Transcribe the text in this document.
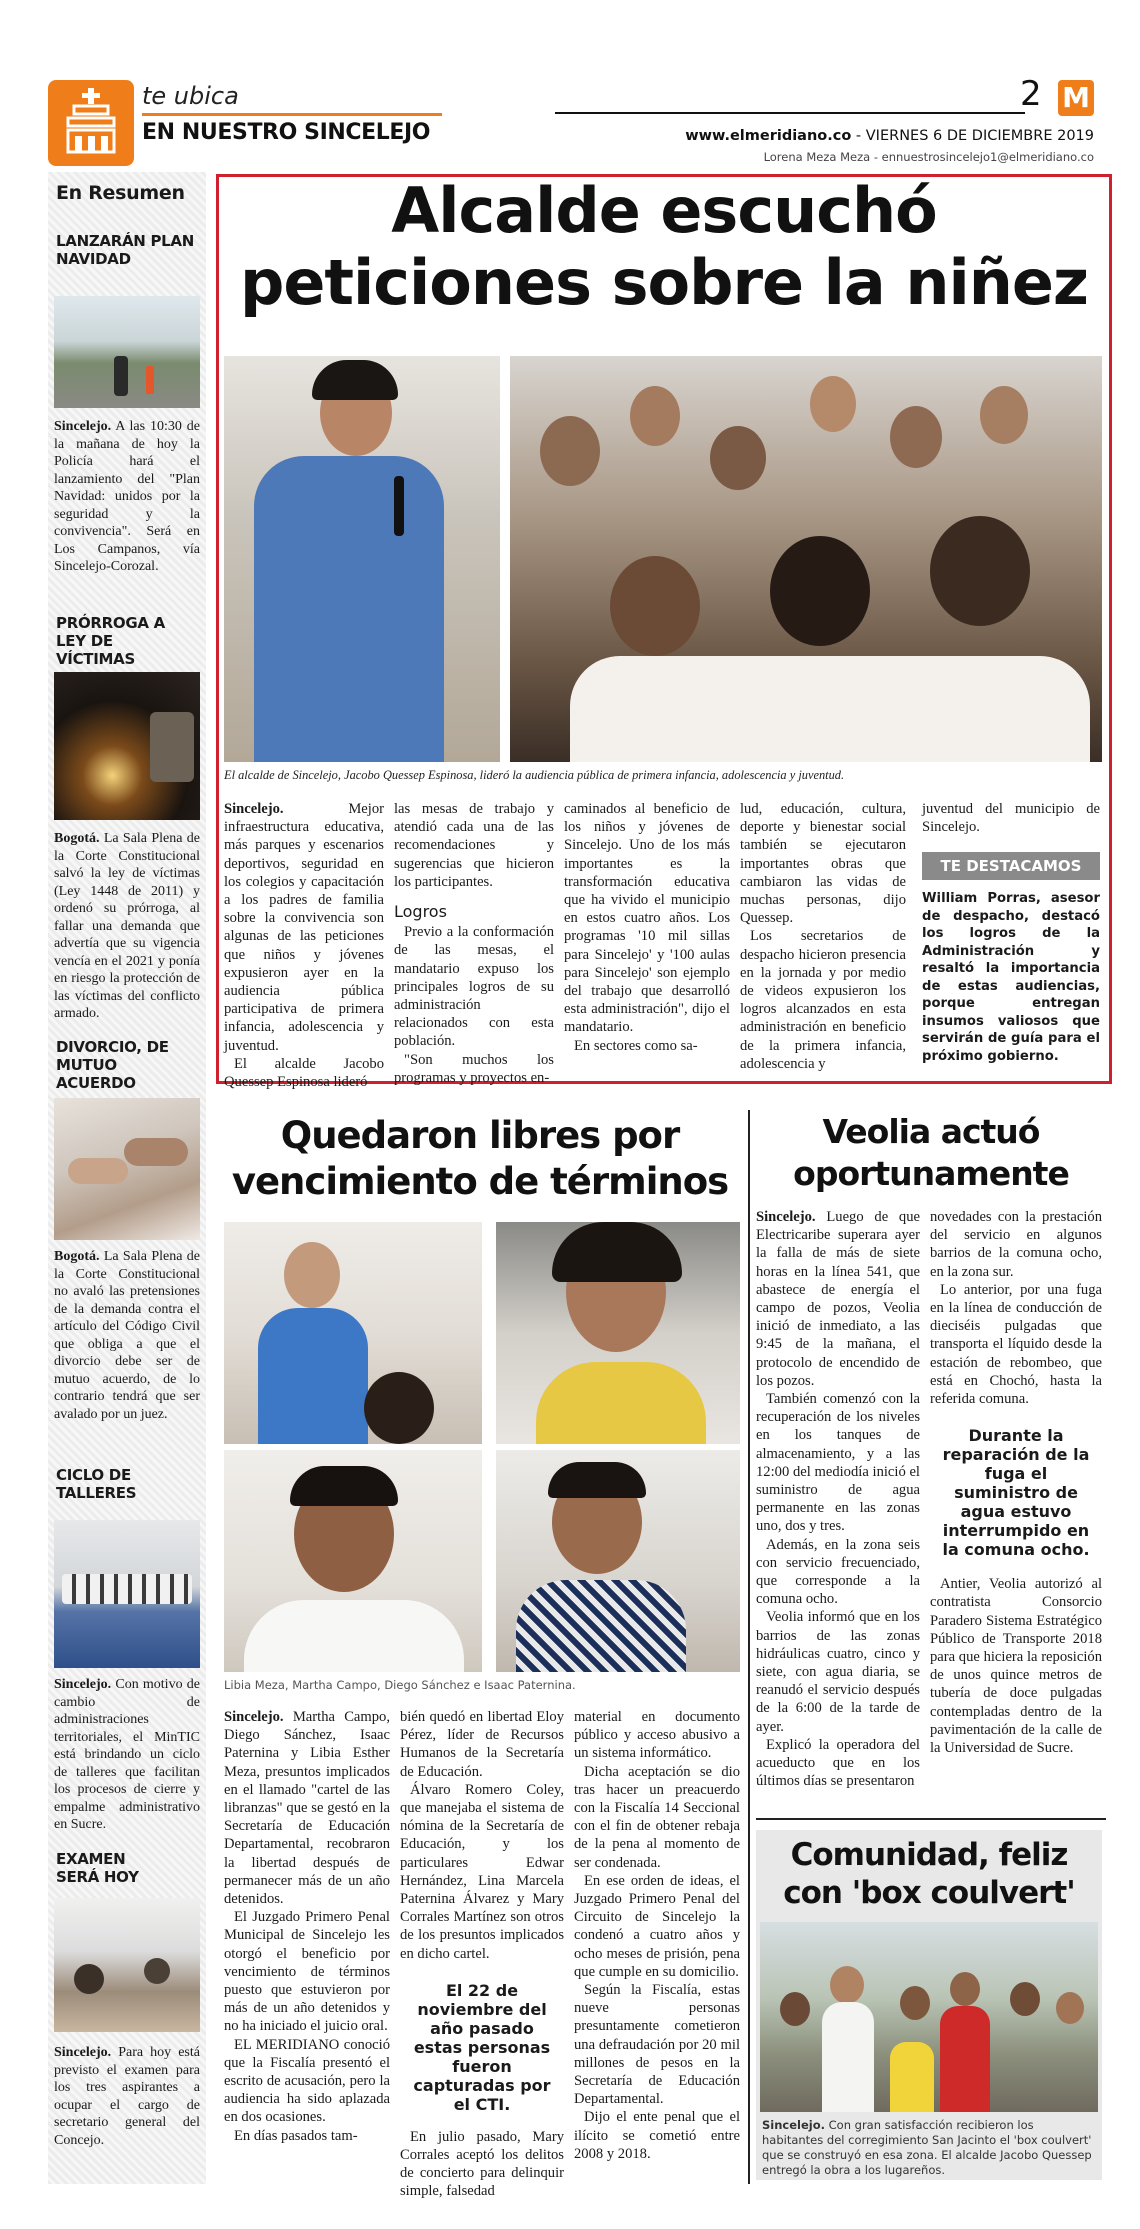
te ubica
EN NUESTRO SINCELEJO
2 M
www.elmeridiano.co - VIERNES 6 DE DICIEMBRE 2019
Lorena Meza Meza - ennuestrosincelejo1@elmeridiano.co
En Resumen
LANZARÁN PLAN NAVIDAD
Sincelejo. A las 10:30 de la mañana de hoy la Policía hará el lanzamiento del "Plan Navidad: unidos por la seguridad y la convivencia". Será en Los Campanos, vía Sincelejo-Corozal.
PRÓRROGA A LEY DE VÍCTIMAS
Bogotá. La Sala Plena de la Corte Constitucional salvó la ley de víctimas (Ley 1448 de 2011) y ordenó su prórroga, al fallar una demanda que advertía que su vigencia vencía en el 2021 y ponía en riesgo la protección de las víctimas del conflicto armado.
DIVORCIO, DE MUTUO ACUERDO
Bogotá. La Sala Plena de la Corte Constitucional no avaló las pretensiones de la demanda contra el artículo del Código Civil que obliga a que el divorcio debe ser de mutuo acuerdo, de lo contrario tendrá que ser avalado por un juez.
CICLO DE TALLERES
Sincelejo. Con motivo de cambio de administraciones territoriales, el MinTIC está brindando un ciclo de talleres que facilitan los procesos de cierre y empalme administrativo en Sucre.
EXAMEN SERÁ HOY
Sincelejo. Para hoy está previsto el examen para los tres aspirantes a ocupar el cargo de secretario general del Concejo.
Alcalde escuchó
peticiones sobre la niñez
El alcalde de Sincelejo, Jacobo Quessep Espinosa, lideró la audiencia pública de primera infancia, adolescencia y juventud.

Sincelejo. Mejor infraestructura educativa, más parques y escenarios deportivos, seguridad en los colegios y capacitación a los padres de familia sobre la convivencia son algunas de las peticiones que niños y jóvenes expusieron ayer en la audiencia pública participativa de primera infancia, adolescencia y juventud.

El alcalde Jacobo Quessep Espinosa lideró

las mesas de trabajo y atendió cada una de las recomendaciones y sugerencias que hicieron los participantes.

Logros

Previo a la conformación de las mesas, el mandatario expuso los principales logros de su administración relacionados con esta población.

"Son muchos los programas y proyectos en-

caminados al beneficio de los niños y jóvenes de Sincelejo. Uno de los más importantes es la transformación educativa que ha vivido el municipio en estos cuatro años. Los programas '10 mil sillas para Sincelejo' y '100 aulas para Sincelejo' son ejemplo del trabajo que desarrolló esta administración", dijo el mandatario.

En sectores como sa-

lud, educación, cultura, deporte y bienestar social también se ejecutaron importantes obras que cambiaron las vidas de muchas personas, dijo Quessep.

Los secretarios de despacho hicieron presencia en la jornada y por medio de videos expusieron los logros alcanzados en esta administración en beneficio de la primera infancia, adolescencia y

juventud del municipio de Sincelejo.

TE DESTACAMOS
William Porras, asesor de despacho, destacó los logros de la Administración y resaltó la importancia de estas audiencias, porque entregan insumos valiosos que servirán de guía para el próximo gobierno.
Quedaron libres por
vencimiento de términos
Libia Meza, Martha Campo, Diego Sánchez e Isaac Paternina.

Sincelejo. Martha Campo, Diego Sánchez, Isaac Paternina y Libia Esther Meza, presuntos implicados en el llamado "cartel de las libranzas" que se gestó en la Secretaría de Educación Departamental, recobraron la libertad después de permanecer más de un año detenidos.

El Juzgado Primero Penal Municipal de Sincelejo les otorgó el beneficio por vencimiento de términos puesto que estuvieron por más de un año detenidos y no ha iniciado el juicio oral.

EL MERIDIANO conoció que la Fiscalía presentó el escrito de acusación, pero la audiencia ha sido aplazada en dos ocasiones.

En días pasados tam-

bién quedó en libertad Eloy Pérez, líder de Recursos Humanos de la Secretaría de Educación.

Álvaro Romero Coley, que manejaba el sistema de nómina de la Secretaría de Educación, y los particulares Edwar Hernández, Lina Marcela Paternina Álvarez y Mary Corrales Martínez son otros de los presuntos implicados en dicho cartel.

El 22 de noviembre del año pasado estas personas fueron capturadas por el CTI.

En julio pasado, Mary Corrales aceptó los delitos de concierto para delinquir simple, falsedad

material en documento público y acceso abusivo a un sistema informático.

Dicha aceptación se dio tras hacer un preacuerdo con la Fiscalía 14 Seccional con el fin de obtener rebaja de la pena al momento de ser condenada.

En ese orden de ideas, el Juzgado Primero Penal del Circuito de Sincelejo la condenó a cuatro años y ocho meses de prisión, pena que cumple en su domicilio.

Según la Fiscalía, estas nueve personas presuntamente cometieron una defraudación por 20 mil millones de pesos en la Secretaría de Educación Departamental.

Dijo el ente penal que el ilícito se cometió entre 2008 y 2018.

Veolia actuó
oportunamente

Sincelejo. Luego de que Electricaribe superara ayer la falla de más de siete horas en la línea 541, que abastece de energía el campo de pozos, Veolia inició de inmediato, a las 9:45 de la mañana, el protocolo de encendido de los pozos.

También comenzó con la recuperación de los niveles en los tanques de almacenamiento, y a las 12:00 del mediodía inició el suministro de agua permanente en las zonas uno, dos y tres.

Además, en la zona seis con servicio frecuenciado, que corresponde a la comuna ocho.

Veolia informó que en los barrios de las zonas hidráulicas cuatro, cinco y siete, con agua diaria, se reanudó el servicio después de la 6:00 de la tarde de ayer.

Explicó la operadora del acueducto que en los últimos días se presentaron

novedades con la prestación del servicio en algunos barrios de la comuna ocho, en la zona sur.

Lo anterior, por una fuga en la línea de conducción de dieciséis pulgadas que transporta el líquido desde la estación de rebombeo, que está en Chochó, hasta la referida comuna.

Durante la reparación de la fuga el suministro de agua estuvo interrumpido en la comuna ocho.

Antier, Veolia autorizó al contratista Consorcio Paradero Sistema Estratégico Público de Transporte 2018 para que hiciera la reposición de unos quince metros de tubería de doce pulgadas contempladas dentro de la pavimentación de la calle de la Universidad de Sucre.

Comunidad, feliz
con 'box coulvert'
Sincelejo. Con gran satisfacción recibieron los habitantes del corregimiento San Jacinto el 'box coulvert' que se construyó en esa zona. El alcalde Jacobo Quessep entregó la obra a los lugareños.
